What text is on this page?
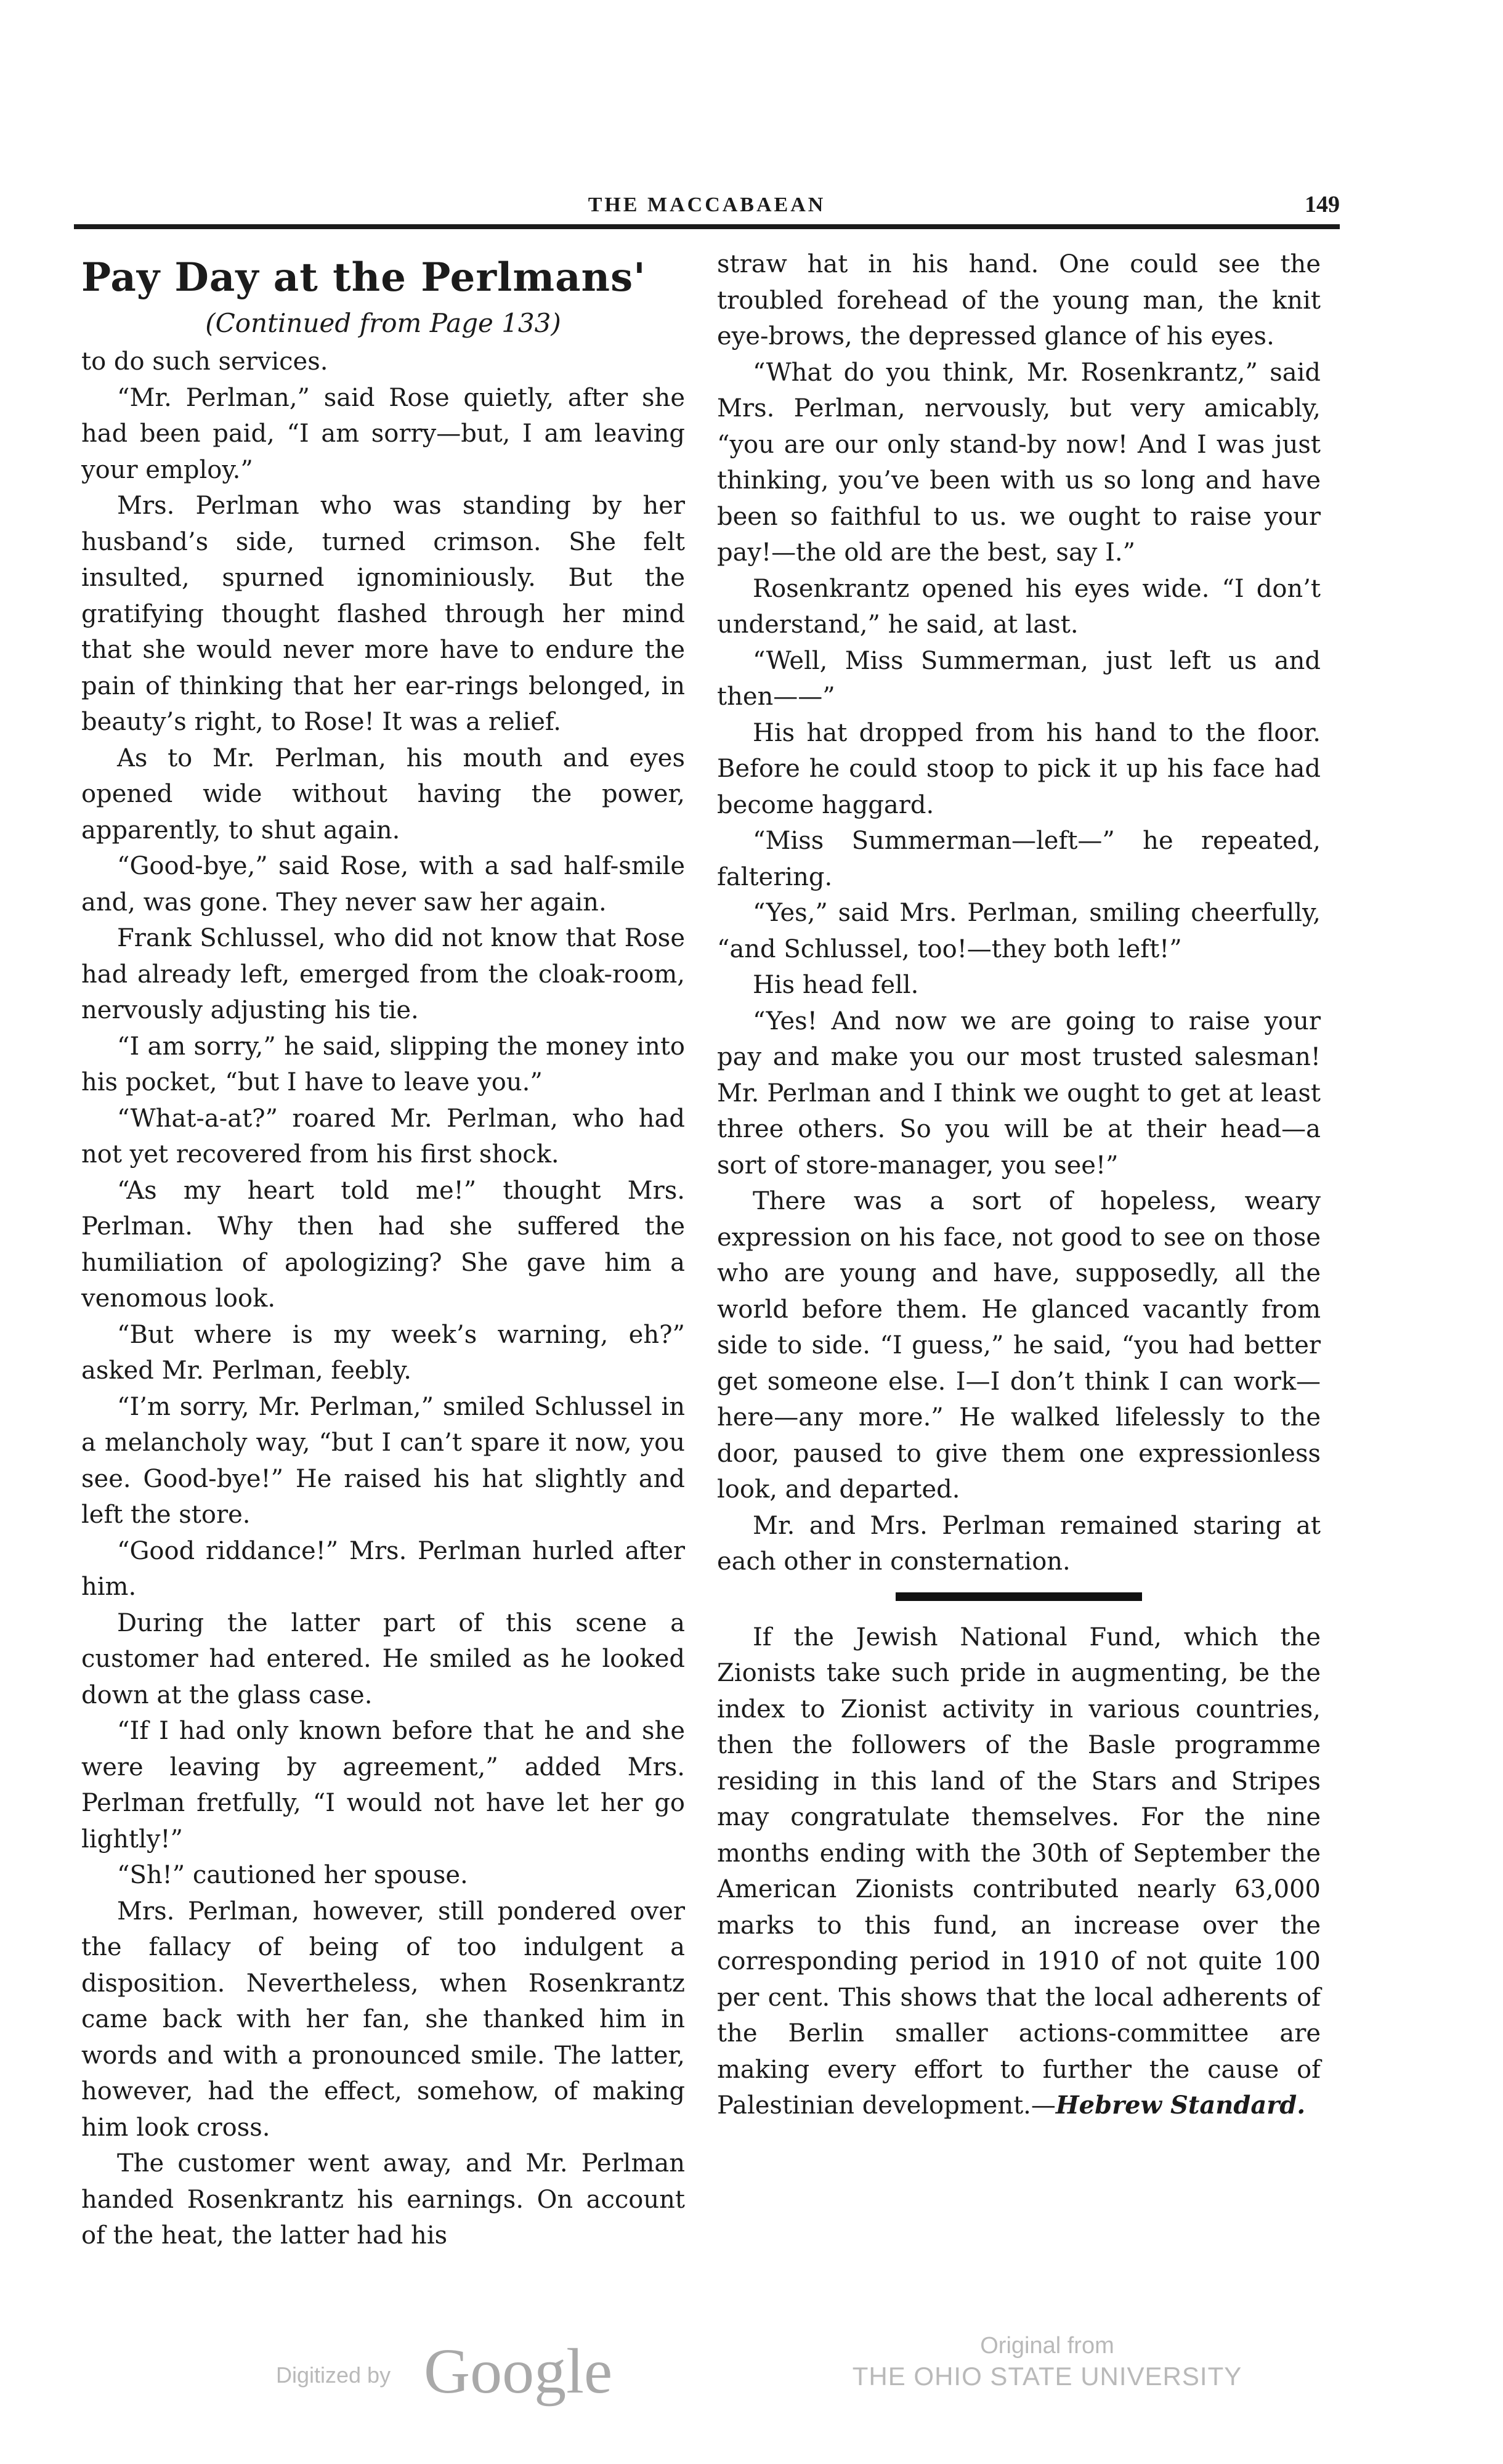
THE MACCABAEAN	149
Pay Day at the Perlmans'
(Continued from Page 133)

to do such services.

“Mr. Perlman,” said Rose quietly, after she had been paid, “I am sorry—but, I am leaving your employ.”

Mrs. Perlman who was standing by her husband’s side, turned crimson. She felt insulted, spurned ignominiously. But the gratifying thought flashed through her mind that she would never more have to endure the pain of thinking that her ear-rings belonged, in beauty’s right, to Rose! It was a relief.

As to Mr. Perlman, his mouth and eyes opened wide without having the power, apparently, to shut again.

“Good-bye,” said Rose, with a sad half-smile and, was gone. They never saw her again.

Frank Schlussel, who did not know that Rose had already left, emerged from the cloak-room, nervously adjusting his tie.

“I am sorry,” he said, slipping the money into his pocket, “but I have to leave you.”

“What-a-at?” roared Mr. Perlman, who had not yet recovered from his first shock.

“As my heart told me!” thought Mrs. Perlman. Why then had she suffered the humiliation of apologizing? She gave him a venomous look.

“But where is my week’s warning, eh?” asked Mr. Perlman, feebly.

“I’m sorry, Mr. Perlman,” smiled Schlussel in a melancholy way, “but I can’t spare it now, you see. Good-bye!” He raised his hat slightly and left the store.

“Good riddance!” Mrs. Perlman hurled after him.

During the latter part of this scene a customer had entered. He smiled as he looked down at the glass case.

“If I had only known before that he and she were leaving by agreement,” added Mrs. Perlman fretfully, “I would not have let her go lightly!”

“Sh!” cautioned her spouse.

Mrs. Perlman, however, still pondered over the fallacy of being of too indulgent a disposition. Nevertheless, when Rosenkrantz came back with her fan, she thanked him in words and with a pronounced smile. The latter, however, had the effect, somehow, of making him look cross.

The customer went away, and Mr. Perlman handed Rosenkrantz his earnings. On account of the heat, the latter had his

straw hat in his hand. One could see the troubled forehead of the young man, the knit eye-brows, the depressed glance of his eyes.

“What do you think, Mr. Rosenkrantz,” said Mrs. Perlman, nervously, but very amicably, “you are our only stand-by now! And I was just thinking, you’ve been with us so long and have been so faithful to us. we ought to raise your pay!—the old are the best, say I.”

Rosenkrantz opened his eyes wide. “I don’t understand,” he said, at last.

“Well, Miss Summerman, just left us and then——”

His hat dropped from his hand to the floor. Before he could stoop to pick it up his face had become haggard.

“Miss Summerman—left—” he repeated, faltering.

“Yes,” said Mrs. Perlman, smiling cheerfully, “and Schlussel, too!—they both left!”

His head fell.

“Yes! And now we are going to raise your pay and make you our most trusted salesman! Mr. Perlman and I think we ought to get at least three others. So you will be at their head—a sort of store-manager, you see!”

There was a sort of hopeless, weary expression on his face, not good to see on those who are young and have, supposedly, all the world before them. He glanced vacantly from side to side. “I guess,” he said, “you had better get someone else. I—I don’t think I can work—here—any more.” He walked lifelessly to the door, paused to give them one expressionless look, and departed.

Mr. and Mrs. Perlman remained staring at each other in consternation.

If the Jewish National Fund, which the Zionists take such pride in augmenting, be the index to Zionist activity in various countries, then the followers of the Basle programme residing in this land of the Stars and Stripes may congratulate themselves. For the nine months ending with the 30th of September the American Zionists contributed nearly 63,000 marks to this fund, an increase over the corresponding period in 1910 of not quite 100 per cent. This shows that the local adherents of the Berlin smaller actions-committee are making every effort to further the cause of Palestinian development.—Hebrew Standard.

Digitized by Google	Original from
THE OHIO STATE UNIVERSITY
